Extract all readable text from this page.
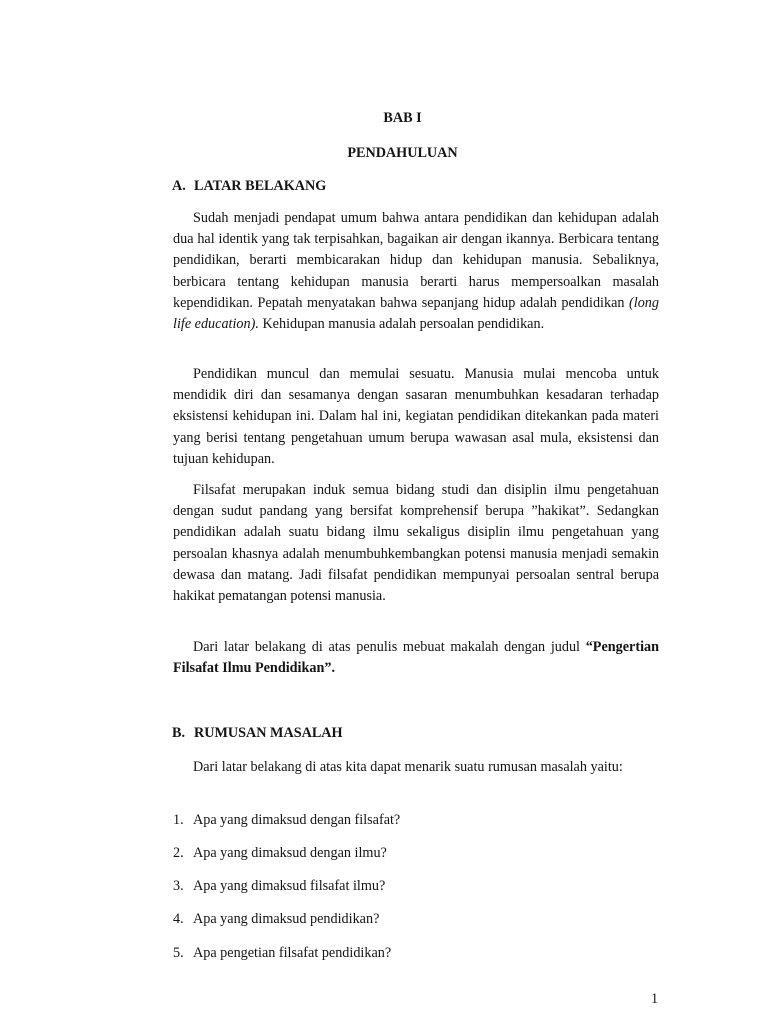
BAB I
PENDAHULUAN
A. LATAR BELAKANG
Sudah menjadi pendapat umum bahwa antara pendidikan dan kehidupan adalah dua hal identik yang tak terpisahkan, bagaikan air dengan ikannya. Berbicara tentang pendidikan, berarti membicarakan hidup dan kehidupan manusia. Sebaliknya, berbicara tentang kehidupan manusia berarti harus mempersoalkan masalah kependidikan. Pepatah menyatakan bahwa sepanjang hidup adalah pendidikan (long life education). Kehidupan manusia adalah persoalan pendidikan.
Pendidikan muncul dan memulai sesuatu. Manusia mulai mencoba untuk mendidik diri dan sesamanya dengan sasaran menumbuhkan kesadaran terhadap eksistensi kehidupan ini. Dalam hal ini, kegiatan pendidikan ditekankan pada materi yang berisi tentang pengetahuan umum berupa wawasan asal mula, eksistensi dan tujuan kehidupan.
Filsafat merupakan induk semua bidang studi dan disiplin ilmu pengetahuan dengan sudut pandang yang bersifat komprehensif berupa ”hakikat”. Sedangkan pendidikan adalah suatu bidang ilmu sekaligus disiplin ilmu pengetahuan yang persoalan khasnya adalah menumbuhkembangkan potensi manusia menjadi semakin dewasa dan matang. Jadi filsafat pendidikan mempunyai persoalan sentral berupa hakikat pematangan potensi manusia.
Dari latar belakang di atas penulis mebuat makalah dengan judul “Pengertian Filsafat Ilmu Pendidikan”.
B. RUMUSAN MASALAH
Dari latar belakang di atas kita dapat menarik suatu rumusan masalah yaitu:
1. Apa yang dimaksud dengan filsafat?
2. Apa yang dimaksud dengan ilmu?
3. Apa yang dimaksud filsafat ilmu?
4. Apa yang dimaksud pendidikan?
5. Apa pengetian filsafat pendidikan?
1
